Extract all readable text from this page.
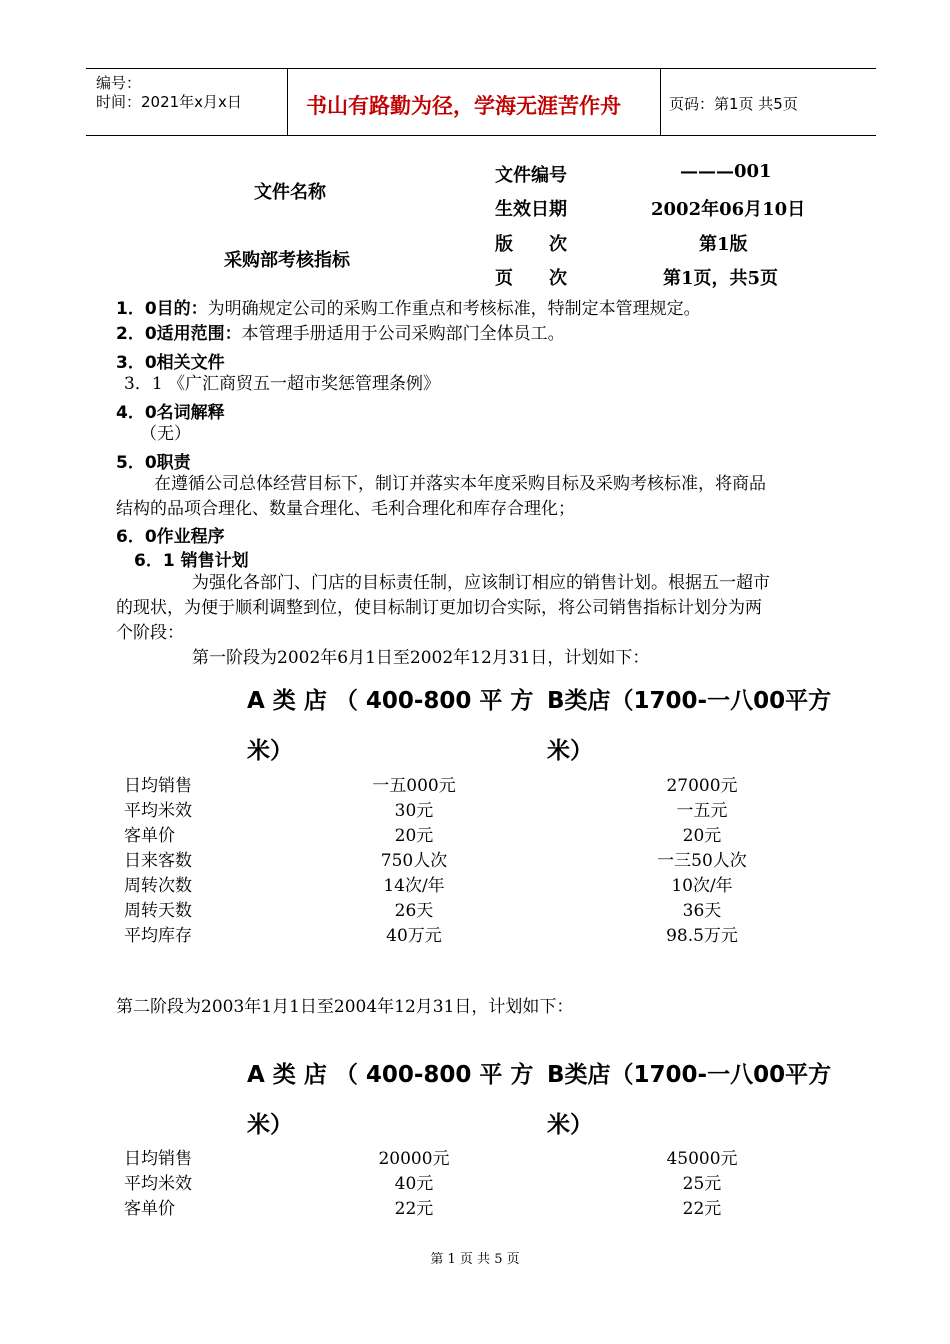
编号：
时间：2021年x月x日	书山有路勤为径，学海无涯苦作舟	页码：第1页 共5页
文件名称
采购部考核指标
文件编号	———001
生效日期	2002年06月10日
版　　次	第1版
页　　次	第1页，共5页
1．0目的：为明确规定公司的采购工作重点和考核标准，特制定本管理规定。
2．0适用范围：本管理手册适用于公司采购部门全体员工。
3．0相关文件
3．1 《广汇商贸五一超市奖惩管理条例》
4．0名词解释
（无）
5．0职责
在遵循公司总体经营目标下，制订并落实本年度采购目标及采购考核标准，将商品
结构的品项合理化、数量合理化、毛利合理化和库存合理化；
6．0作业程序
6．1 销售计划
为强化各部门、门店的目标责任制，应该制订相应的销售计划。根据五一超市
的现状，为便于顺利调整到位，使目标制订更加切合实际，将公司销售指标计划分为两
个阶段：
第一阶段为2002年6月1日至2002年12月31日，计划如下：
A 类 店 （ 400-800 平 方
米）
B类店（1700-一八00平方
米）
日均销售	一五000元	27000元
平均米效	30元	一五元
客单价	20元	20元
日来客数	750人次	一三50人次
周转次数	14次/年	10次/年
周转天数	26天	36天
平均库存	40万元	98.5万元
第二阶段为2003年1月1日至2004年12月31日，计划如下：
A 类 店 （ 400-800 平 方
米）
B类店（1700-一八00平方
米）
日均销售	20000元	45000元
平均米效	40元	25元
客单价	22元	22元
第 1 页 共 5 页
